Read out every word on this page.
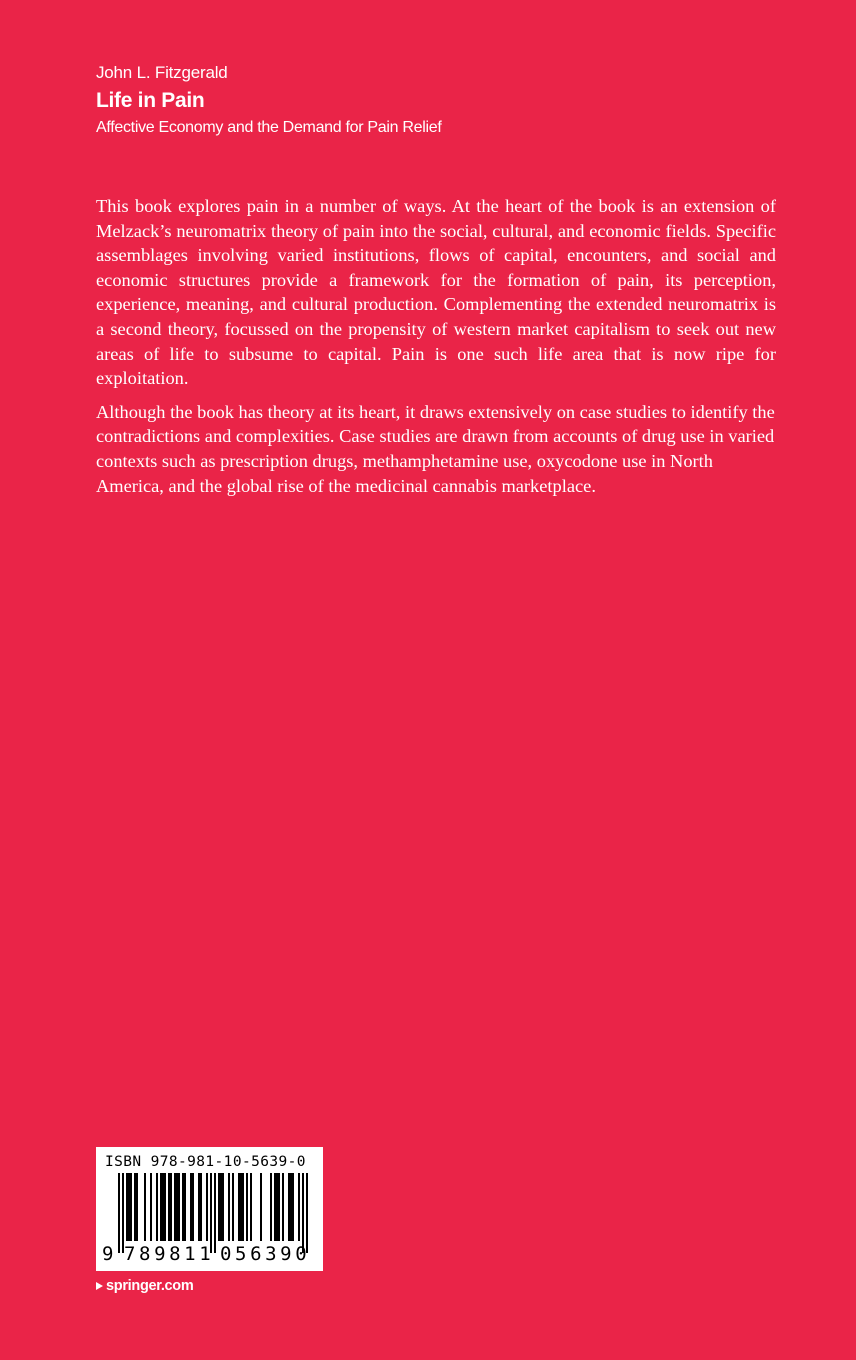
John L. Fitzgerald
Life in Pain
Affective Economy and the Demand for Pain Relief

This book explores pain in a number of ways. At the heart of the book is an extension of Melzack’s neuromatrix theory of pain into the social, cultural, and economic fields. Specific assemblages involving varied institutions, flows of capital, encounters, and social and economic structures provide a framework for the formation of pain, its perception, experience, meaning, and cultural production. Complementing the extended neuromatrix is a second theory, focussed on the propensity of western market capitalism to seek out new areas of life to subsume to capital. Pain is one such life area that is now ripe for exploitation.

Although the book has theory at its heart, it draws extensively on case studies to identify the contradictions and complexities. Case studies are drawn from accounts of drug use in varied contexts such as prescription drugs, methamphetamine use, oxycodone use in North America, and the global rise of the medicinal cannabis marketplace.

ISBN 978-981-10-5639-0
9 789811 056390
springer.com
